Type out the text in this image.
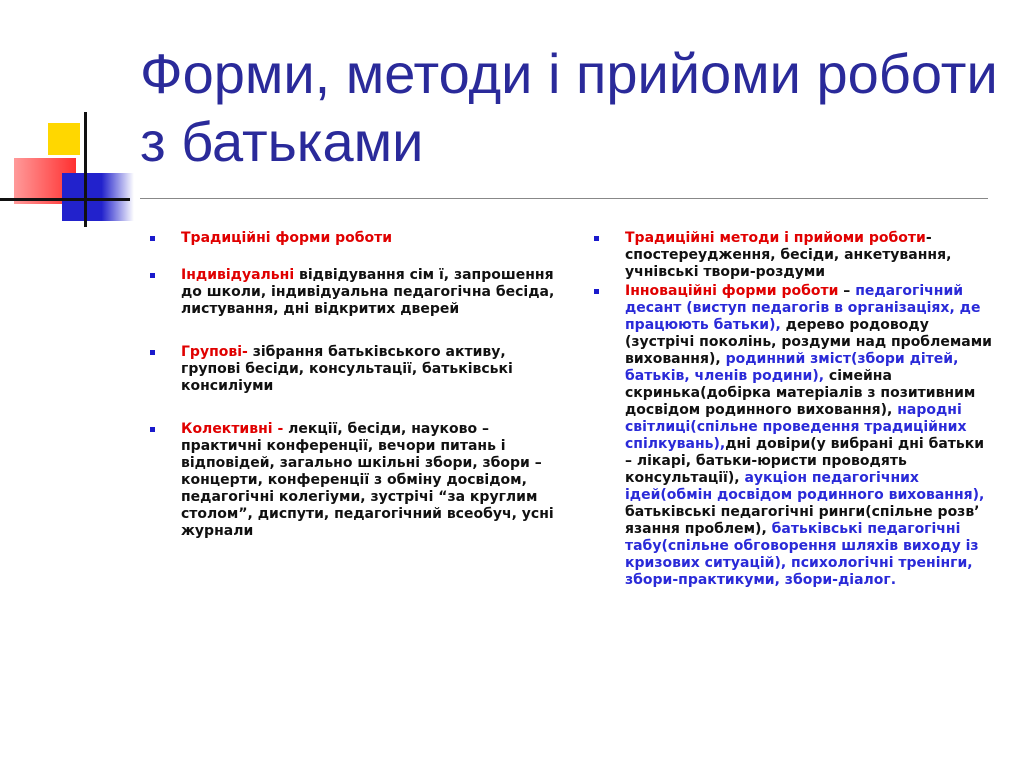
Форми, методи і прийоми роботи з батьками
Традиційні форми роботи
Індивідуальні відвідування сім ї, запрошення до школи, індивідуальна педагогічна бесіда, листування, дні відкритих дверей
Групові- зібрання батьківського активу, групові бесіди, консультації, батьківські консиліуми
Колективні - лекції, бесіди, науково – практичні конференції, вечори питань і відповідей, загально шкільні збори, збори – концерти, конференції з обміну досвідом, педагогічні колегіуми, зустрічі “за круглим столом”, диспути, педагогічний всеобуч, усні журнали
Традиційні методи і прийоми роботи- спостереудження, бесіди, анкетування, учнівські твори-роздуми
Інноваційні форми роботи – педагогічний десант (виступ педагогів в організаціях, де працюють батьки), дерево родоводу (зустрічі поколінь, роздуми над проблемами виховання), родинний зміст(збори дітей, батьків, членів родини), сімейна скринька(добірка матеріалів з позитивним досвідом родинного виховання), народні світлиці(спільне проведення традиційних спілкувань),дні довіри(у вибрані дні батьки – лікарі, батьки-юристи проводять консультації), аукціон педагогічних ідей(обмін досвідом родинного виховання), батьківські педагогічні ринги(спільне розв’ язання проблем), батьківські педагогічні табу(спільне обговорення шляхів виходу із кризових ситуацій), психологічні тренінги, збори-практикуми, збори-діалог.
